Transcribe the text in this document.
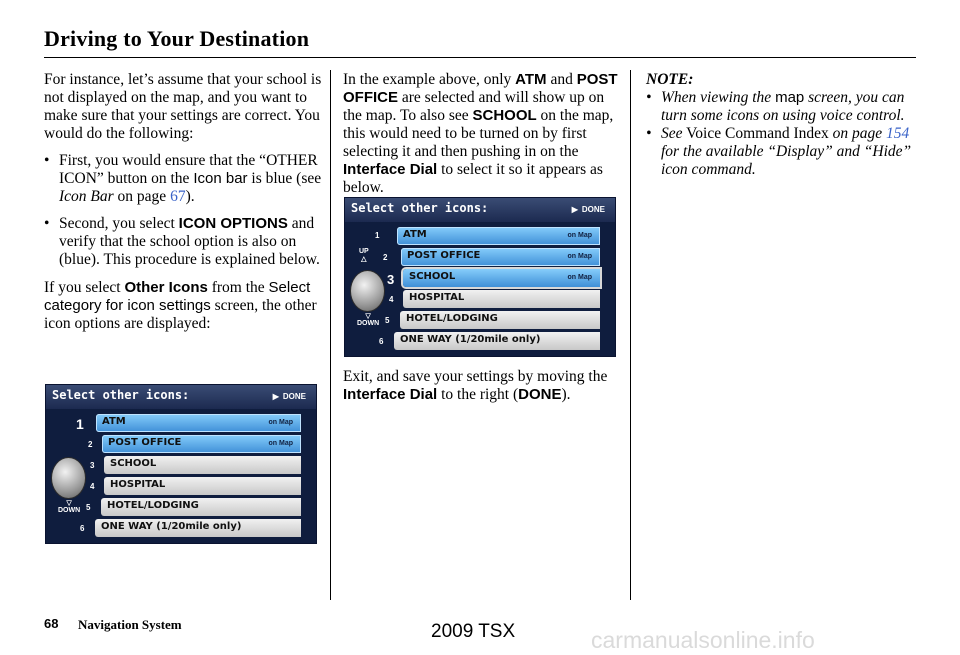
Driving to Your Destination

For instance, let’s assume that your school is not displayed on the map, and you want to make sure that your settings are correct. You would do the following:

• First, you would ensure that the “OTHER ICON” button on the Icon bar is blue (see Icon Bar on page 67).

• Second, you select ICON OPTIONS and verify that the school option is also on (blue). This procedure is explained below.

If you select Other Icons from the Select category for icon settings screen, the other icon options are displayed:

Select other icons:	▶ DONE
▽
DOWN
1
2
3
4
5
6
ATM	on Map
POST OFFICE	on Map
SCHOOL
HOSPITAL
HOTEL/LODGING
ONE WAY (1/20mile only)

In the example above, only ATM and POST OFFICE are selected and will show up on the map. To also see SCHOOL on the map, this would need to be turned on by first selecting it and then pushing in on the Interface Dial to select it so it appears as below.

Select other icons:	▶ DONE
UP
△
▽
DOWN
1
2
3
4
5
6
ATM	on Map
POST OFFICE	on Map
SCHOOL	on Map
HOSPITAL
HOTEL/LODGING
ONE WAY (1/20mile only)

Exit, and save your settings by moving the Interface Dial to the right (DONE).

NOTE:

• When viewing the map screen, you can turn some icons on using voice control.

• See Voice Command Index on page 154 for the available “Display” and “Hide” icon command.

68 Navigation System	2009 TSX	carmanualsonline.info
